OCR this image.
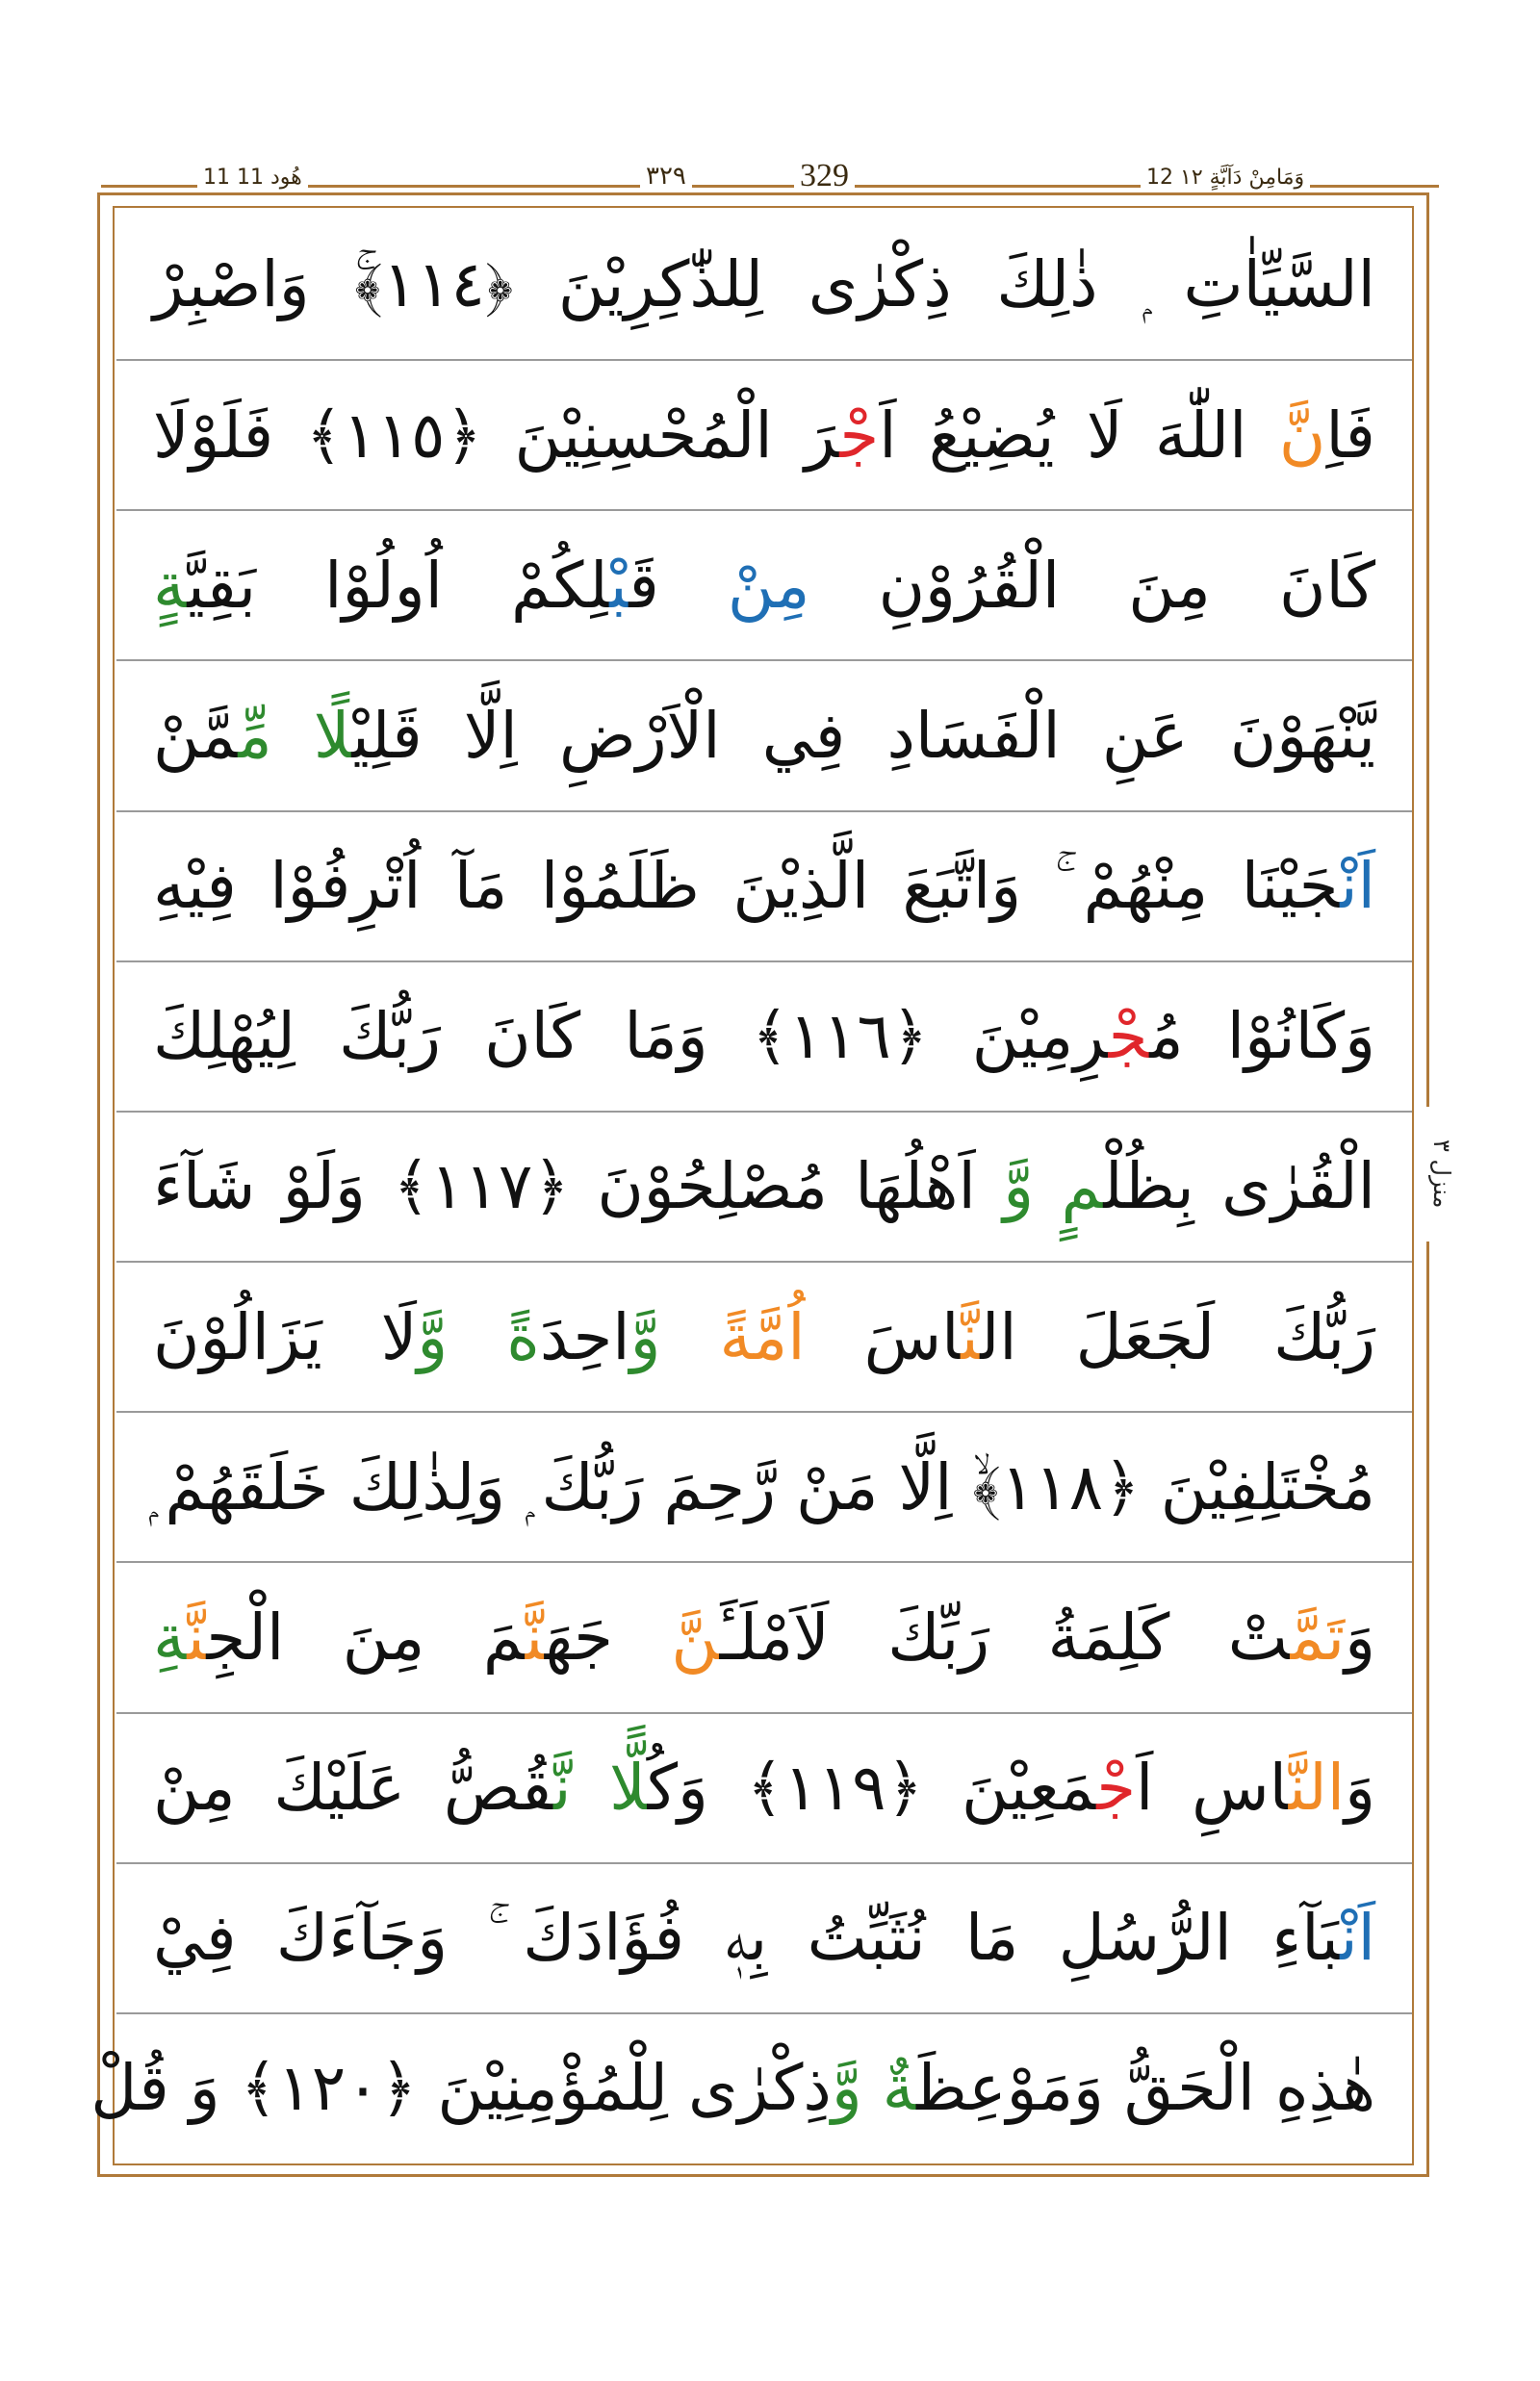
11 هُود 11	۳۲۹	329	12 وَمَامِنْ دَآبَّةٍ ١٢
منزل ۳
السَّيِّاٰتِ ۭ ذٰلِكَ ذِكْرٰى لِلذّٰكِرِيْنَ ﴿١١٤﴾ۚ وَاصْبِرْ
فَاِنَّ اللّٰهَ لَا يُضِيْعُ اَجْرَ الْمُحْسِنِيْنَ ﴿١١٥﴾ فَلَوْلَا
كَانَ مِنَ الْقُرُوْنِ مِنْ قَبْلِكُمْ اُولُوْا بَقِيَّةٍ
يَّنْهَوْنَ عَنِ الْفَسَادِ فِي الْاَرْضِ اِلَّا قَلِيْلًا مِّمَّنْ
اَنْجَيْنَا مِنْهُمْ ۚ وَاتَّبَعَ الَّذِيْنَ ظَلَمُوْا مَآ اُتْرِفُوْا فِيْهِ
وَكَانُوْا مُجْرِمِيْنَ ﴿١١٦﴾ وَمَا كَانَ رَبُّكَ لِيُهْلِكَ
الْقُرٰى بِظُلْمٍ وَّ اَهْلُهَا مُصْلِحُوْنَ ﴿١١٧﴾ وَلَوْ شَآءَ
رَبُّكَ لَجَعَلَ النَّاسَ اُمَّةً وَّاحِدَةً وَّلَا يَزَالُوْنَ
مُخْتَلِفِيْنَ ﴿١١٨﴾ۙ اِلَّا مَنْ رَّحِمَ رَبُّكَ ۭ وَلِذٰلِكَ خَلَقَهُمْ ۭ
وَتَمَّتْ كَلِمَةُ رَبِّكَ لَاَمْلَـَٔنَّ جَهَنَّمَ مِنَ الْجِنَّةِ
وَالنَّاسِ اَجْمَعِيْنَ ﴿١١٩﴾ وَكُلًّا نَّقُصُّ عَلَيْكَ مِنْ
اَنْبَآءِ الرُّسُلِ مَا نُثَبِّتُ بِهٖ فُؤَادَكَ ۚ وَجَآءَكَ فِيْ
هٰذِهِ الْحَقُّ وَمَوْعِظَةٌ وَّذِكْرٰى لِلْمُؤْمِنِيْنَ ﴿١٢٠﴾ وَ قُلْ
